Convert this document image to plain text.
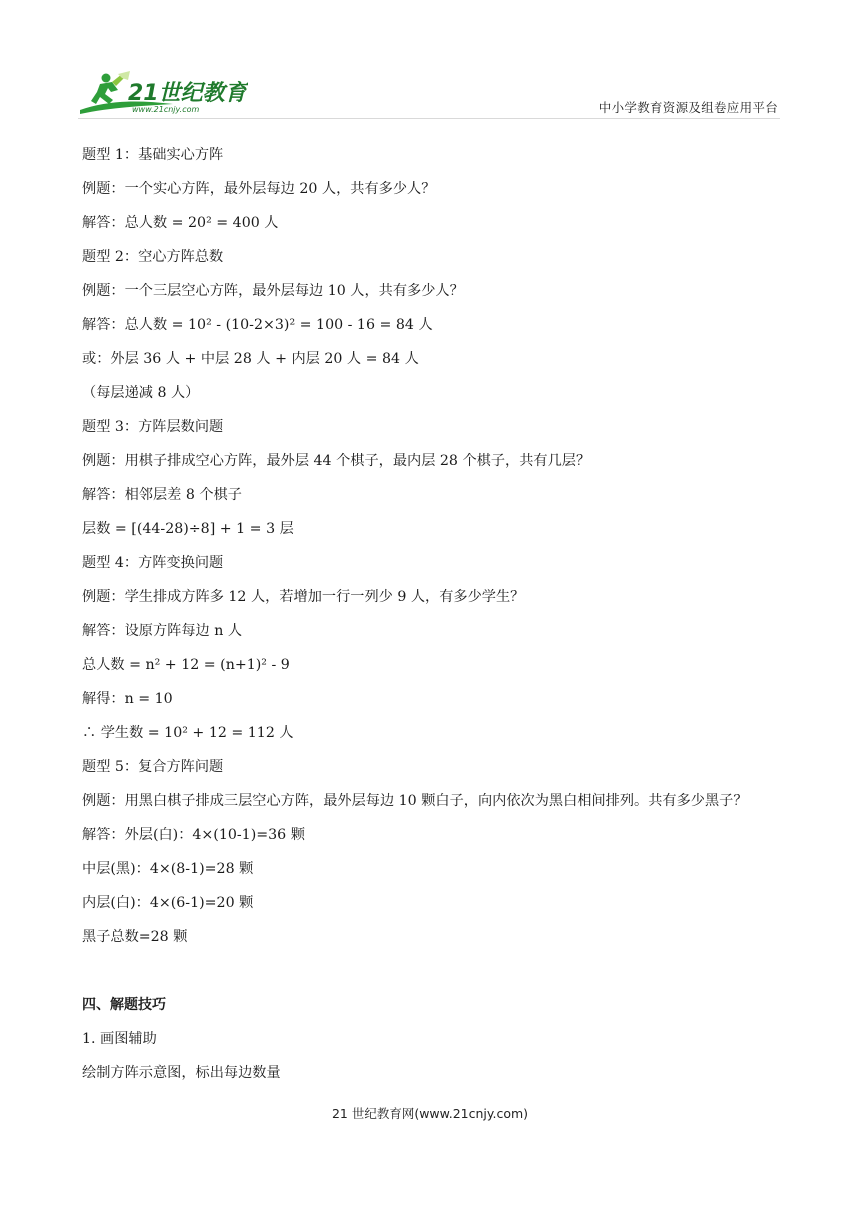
21世纪教育
www.21cnjy.com	中小学教育资源及组卷应用平台
题型 1：基础实心方阵
例题：一个实心方阵，最外层每边 20 人，共有多少人？
解答：总人数 = 20² = 400 人
题型 2：空心方阵总数
例题：一个三层空心方阵，最外层每边 10 人，共有多少人？
解答：总人数 = 10² - (10-2×3)² = 100 - 16 = 84 人
或：外层 36 人 + 中层 28 人 + 内层 20 人 = 84 人
（每层递减 8 人）
题型 3：方阵层数问题
例题：用棋子排成空心方阵，最外层 44 个棋子，最内层 28 个棋子，共有几层？
解答：相邻层差 8 个棋子
层数 = [(44-28)÷8] + 1 = 3 层
题型 4：方阵变换问题
例题：学生排成方阵多 12 人，若增加一行一列少 9 人，有多少学生？
解答：设原方阵每边 n 人
总人数 = n² + 12 = (n+1)² - 9
解得：n = 10
∴ 学生数 = 10² + 12 = 112 人
题型 5：复合方阵问题
例题：用黑白棋子排成三层空心方阵，最外层每边 10 颗白子，向内依次为黑白相间排列。共有多少黑子？
解答：外层(白)：4×(10-1)=36 颗
中层(黑)：4×(8-1)=28 颗
内层(白)：4×(6-1)=20 颗
黑子总数=28 颗
四、解题技巧
1. 画图辅助
绘制方阵示意图，标出每边数量
21 世纪教育网(www.21cnjy.com)
